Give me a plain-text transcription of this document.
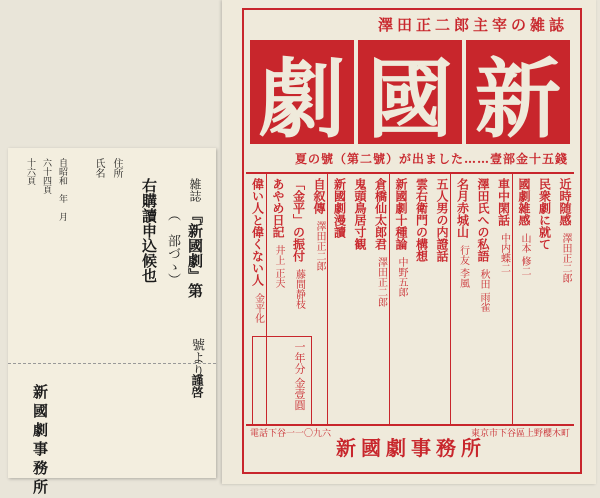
雑誌
『新國劇』第
號より
（　部づゝ）
右購讀申込候也
住所
氏名
自昭和　年　月
六十四頁
十六頁
謹啓
新國劇事務所
澤田正二郎主宰の雑誌
新
國
劇
夏の號（第二號）が出ました……壹部金十五錢
近時随感 澤田正二郎
民衆劇に就て
國劇雑感 山本 修二
車中閑話 中内蝶二
澤田氏への私語 秋田 雨雀
名月赤城山 行友 李風
五人男の内證話
雲右衛門の構想
新國劇十種論 中野五郎
倉橋仙太郎君 澤田正二郎
鬼頭鳥居寸観
新國劇漫讀
自叙傳 澤田正二郎
「金平」の振付 藤間静枝
あやめ日記 井上 正夫
偉い人と偉くない人 金平化
一年分 金壹圓
東京市下谷區上野櫻木町
新國劇事務所
電話下谷一一〇九六
